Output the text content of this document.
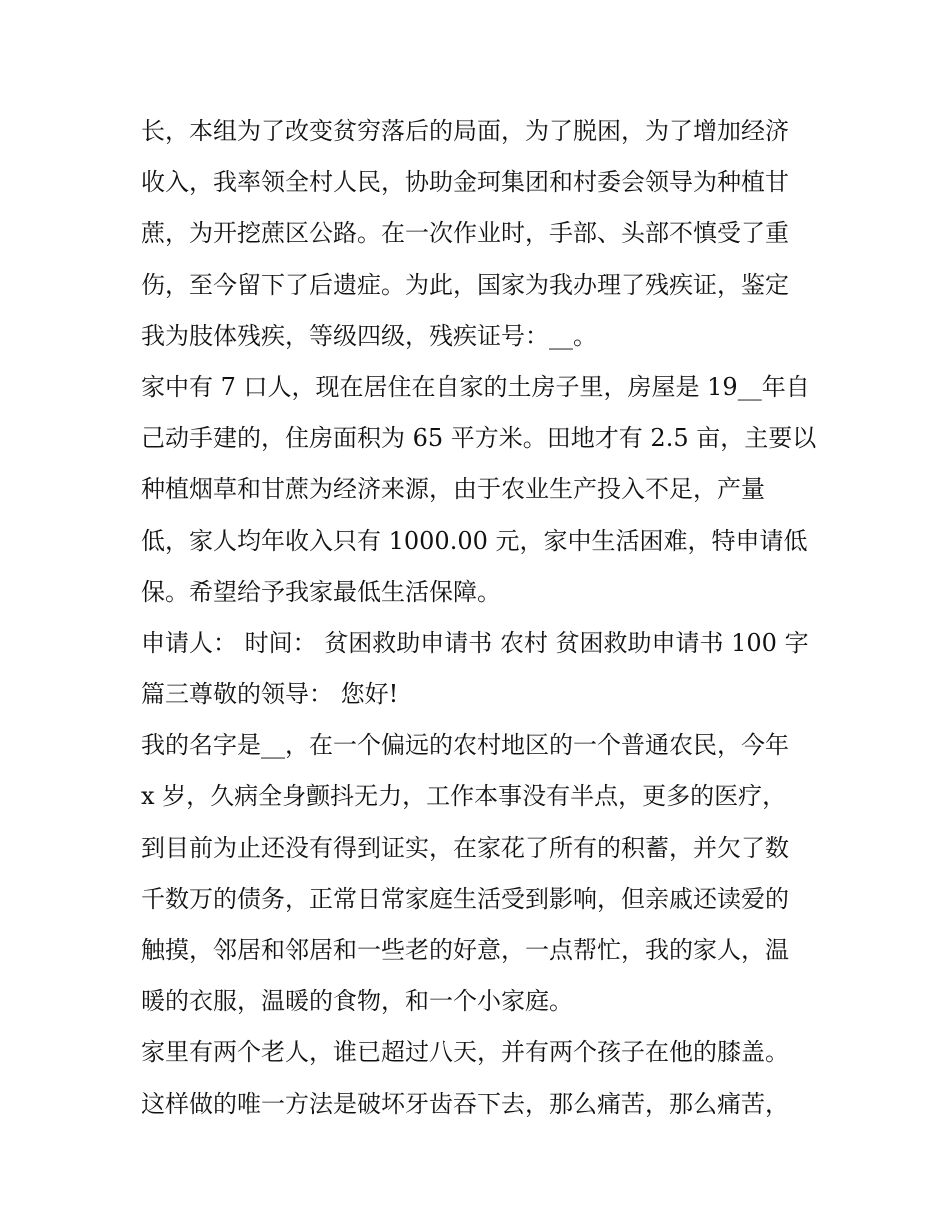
长，本组为了改变贫穷落后的局面，为了脱困，为了增加经济
收入，我率领全村人民，协助金珂集团和村委会领导为种植甘
蔗，为开挖蔗区公路。在一次作业时，手部、头部不慎受了重
伤，至今留下了后遗症。为此，国家为我办理了残疾证，鉴定
我为肢体残疾，等级四级，残疾证号：__。
家中有 7 口人，现在居住在自家的土房子里，房屋是 19__年自
己动手建的，住房面积为 65 平方米。田地才有 2.5 亩，主要以
种植烟草和甘蔗为经济来源，由于农业生产投入不足，产量
低，家人均年收入只有 1000.00 元，家中生活困难，特申请低
保。希望给予我家最低生活保障。
申请人： 时间： 贫困救助申请书 农村 贫困救助申请书 100 字
篇三尊敬的领导： 您好!
我的名字是__，在一个偏远的农村地区的一个普通农民，今年
x 岁，久病全身颤抖无力，工作本事没有半点，更多的医疗，
到目前为止还没有得到证实，在家花了所有的积蓄，并欠了数
千数万的债务，正常日常家庭生活受到影响，但亲戚还读爱的
触摸，邻居和邻居和一些老的好意，一点帮忙，我的家人，温
暖的衣服，温暖的食物，和一个小家庭。
家里有两个老人，谁已超过八天，并有两个孩子在他的膝盖。
这样做的唯一方法是破坏牙齿吞下去，那么痛苦，那么痛苦，
